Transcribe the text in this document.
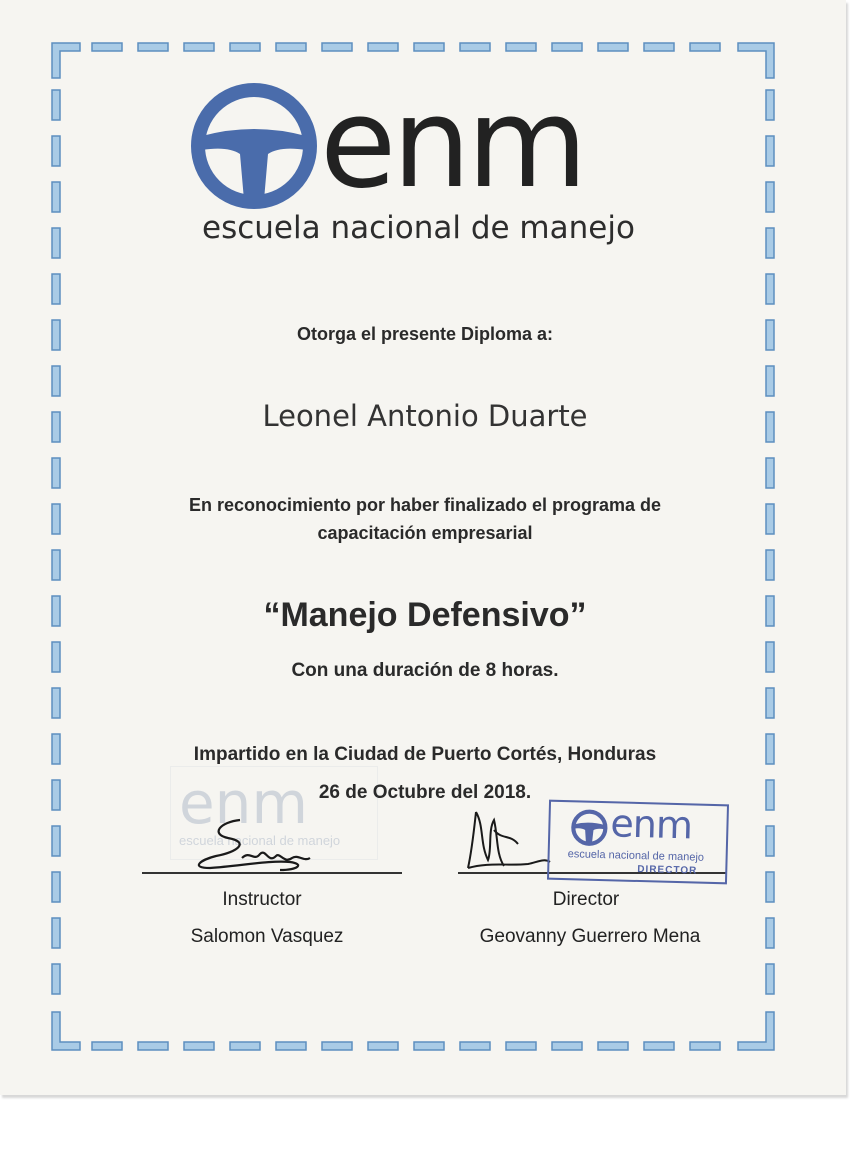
enm
escuela nacional de manejo
Otorga el presente Diploma a:
Leonel Antonio Duarte
En reconocimiento por haber finalizado el programa de
capacitación empresarial
“Manejo Defensivo”
Con una duración de 8 horas.
Impartido en la Ciudad de Puerto Cortés, Honduras
26 de Octubre del 2018.
enm
escuela nacional de manejo
Instructor
Salomon Vasquez
enm
escuela nacional de manejo
DIRECTOR
Director
Geovanny Guerrero Mena
